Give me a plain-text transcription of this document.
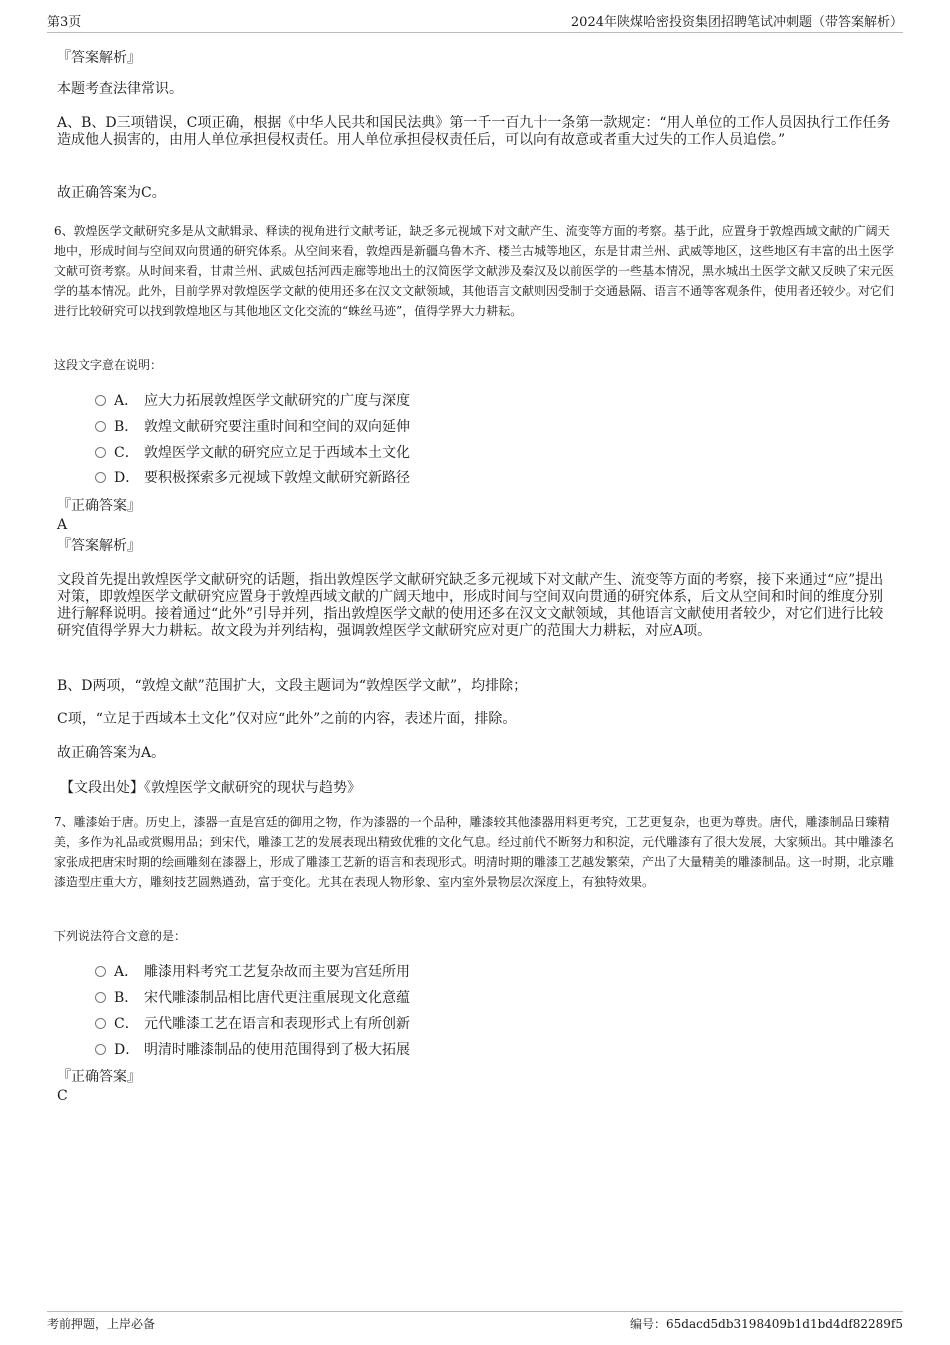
第3页	2024年陕煤哈密投资集团招聘笔试冲刺题（带答案解析）
『答案解析』
本题考查法律常识。
A、B、D三项错误，C项正确，根据《中华人民共和国民法典》第一千一百九十一条第一款规定：“用人单位的工作人员因执行工作任务造成他人损害的，由用人单位承担侵权责任。用人单位承担侵权责任后，可以向有故意或者重大过失的工作人员追偿。”
故正确答案为C。
6、敦煌医学文献研究多是从文献辑录、释读的视角进行文献考证，缺乏多元视域下对文献产生、流变等方面的考察。基于此，应置身于敦煌西域文献的广阔天地中，形成时间与空间双向贯通的研究体系。从空间来看，敦煌西是新疆乌鲁木齐、楼兰古城等地区，东是甘肃兰州、武威等地区，这些地区有丰富的出土医学文献可资考察。从时间来看，甘肃兰州、武威包括河西走廊等地出土的汉简医学文献涉及秦汉及以前医学的一些基本情况，黑水城出土医学文献又反映了宋元医学的基本情况。此外，目前学界对敦煌医学文献的使用还多在汉文文献领域，其他语言文献则因受制于交通悬隔、语言不通等客观条件，使用者还较少。对它们进行比较研究可以找到敦煌地区与其他地区文化交流的“蛛丝马迹”，值得学界大力耕耘。
这段文字意在说明：
A． 应大力拓展敦煌医学文献研究的广度与深度
B． 敦煌文献研究要注重时间和空间的双向延伸
C． 敦煌医学文献的研究应立足于西域本土文化
D． 要积极探索多元视域下敦煌文献研究新路径
『正确答案』
A
『答案解析』
文段首先提出敦煌医学文献研究的话题，指出敦煌医学文献研究缺乏多元视域下对文献产生、流变等方面的考察，接下来通过“应”提出对策，即敦煌医学文献研究应置身于敦煌西域文献的广阔天地中，形成时间与空间双向贯通的研究体系，后文从空间和时间的维度分别进行解释说明。接着通过“此外”引导并列，指出敦煌医学文献的使用还多在汉文文献领域，其他语言文献使用者较少，对它们进行比较研究值得学界大力耕耘。故文段为并列结构，强调敦煌医学文献研究应对更广的范围大力耕耘，对应A项。
B、D两项，“敦煌文献”范围扩大，文段主题词为“敦煌医学文献”，均排除；
C项，“立足于西域本土文化”仅对应“此外”之前的内容，表述片面，排除。
故正确答案为A。
【文段出处】《敦煌医学文献研究的现状与趋势》
7、雕漆始于唐。历史上，漆器一直是宫廷的御用之物，作为漆器的一个品种，雕漆较其他漆器用料更考究，工艺更复杂，也更为尊贵。唐代，雕漆制品日臻精美，多作为礼品或赏赐用品；到宋代，雕漆工艺的发展表现出精致优雅的文化气息。经过前代不断努力和积淀，元代雕漆有了很大发展，大家频出。其中雕漆名家张成把唐宋时期的绘画雕刻在漆器上，形成了雕漆工艺新的语言和表现形式。明清时期的雕漆工艺越发繁荣，产出了大量精美的雕漆制品。这一时期，北京雕漆造型庄重大方，雕刻技艺圆熟遒劲，富于变化。尤其在表现人物形象、室内室外景物层次深度上，有独特效果。
下列说法符合文意的是：
A． 雕漆用料考究工艺复杂故而主要为宫廷所用
B． 宋代雕漆制品相比唐代更注重展现文化意蕴
C． 元代雕漆工艺在语言和表现形式上有所创新
D． 明清时雕漆制品的使用范围得到了极大拓展
『正确答案』
C
考前押题，上岸必备	编号：65dacd5db3198409b1d1bd4df82289f5
